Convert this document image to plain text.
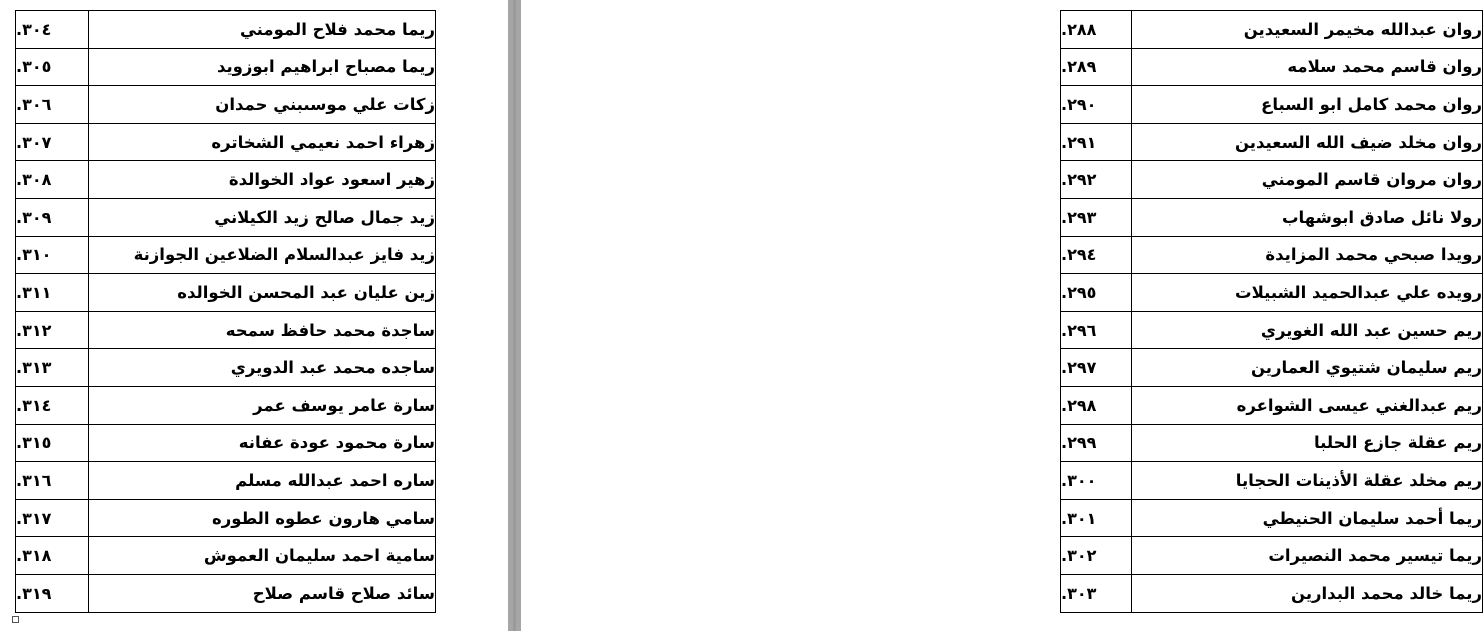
٣٠٤.	ريما محمد فلاح المومني
٣٠٥.	ريما مصباح ابراهيم ابوزويد
٣٠٦.	زكات علي موسىبني حمدان
٣٠٧.	زهراء احمد نعيمي الشخاتره
٣٠٨.	زهير اسعود عواد الخوالدة
٣٠٩.	زيد جمال صالح زيد الكيلاني
٣١٠.	زيد فايز عبدالسلام الضلاعين الجوازنة
٣١١.	زين عليان عبد المحسن الخوالده
٣١٢.	ساجدة محمد حافظ سمحه
٣١٣.	ساجده محمد عبد الدويري
٣١٤.	سارة عامر يوسف عمر
٣١٥.	سارة محمود عودة عفانه
٣١٦.	ساره احمد عبدالله مسلم
٣١٧.	سامي هارون عطوه الطوره
٣١٨.	سامية احمد سليمان العموش
٣١٩.	سائد صلاح قاسم صلاح
٢٨٨.	روان عبدالله مخيمر السعيدين
٢٨٩.	روان قاسم محمد سلامه
٢٩٠.	روان محمد كامل ابو السباع
٢٩١.	روان مخلد ضيف الله السعيدين
٢٩٢.	روان مروان قاسم المومني
٢٩٣.	رولا نائل صادق ابوشهاب
٢٩٤.	رويدا صبحي محمد المزايدة
٢٩٥.	رويده علي عبدالحميد الشبيلات
٢٩٦.	ريم حسين عبد الله الغويري
٢٩٧.	ريم سليمان شتيوي العمارين
٢٩٨.	ريم عبدالغني عيسى الشواعره
٢٩٩.	ريم عقلة جازع الحلبا
٣٠٠.	ريم مخلد عقلة الأذينات الحجايا
٣٠١.	ريما أحمد سليمان الحنيطي
٣٠٢.	ريما تيسير محمد النصيرات
٣٠٣.	ريما خالد محمد البدارين
